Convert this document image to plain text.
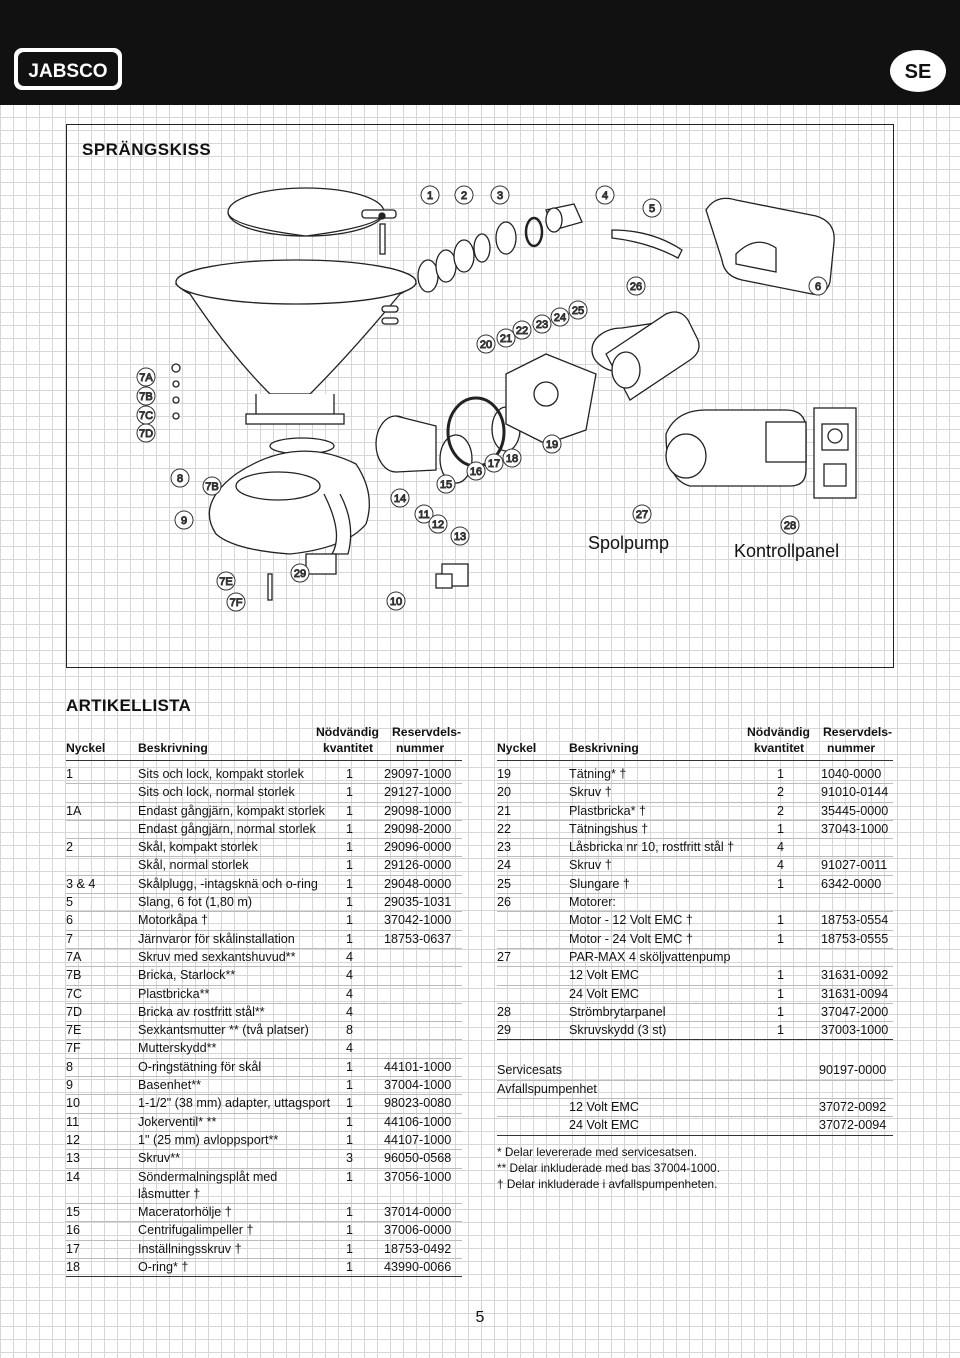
JABSCO	SE
SPRÄNGSKISS
1	2	3	4
5
6
26
7A
7B
7C
7D
8
7B
9
7E
7F
29
10
14
15
11
12
13
16
17 18
19
20 21
22 23
24
25
27
28
Spolpump	Kontrollpanel
ARTIKELLISTA
Nyckel	Beskrivning
Nödvändig
kvantitet
Reservdels-
nummer
1	Sits och lock, kompakt storlek	1 29097-1000
Sits och lock, normal storlek	1 29127-1000
1A	Endast gångjärn, kompakt storlek 1 29098-1000
Endast gångjärn, normal storlek 1 29098-2000
2	Skål, kompakt storlek	1 29096-0000
Skål, normal storlek	1 29126-0000
3 & 4	Skålplugg, -intagsknä och o-ring 1 29048-0000
5	Slang, 6 fot (1,80 m)	1 29035-1031
6	Motorkåpa †	1 37042-1000
7	Järnvaror för skålinstallation	1 18753-0637
7A	Skruv med sexkantshuvud**	4
7B	Bricka, Starlock**	4
7C	Plastbricka**	4
7D	Bricka av rostfritt stål**	4
7E	Sexkantsmutter ** (två platser)	8
7F	Mutterskydd**	4
8	O-ringstätning för skål	1 44101-1000
9	Basenhet**	1 37004-1000
10	1-1/2" (38 mm) adapter, uttagsport 1 98023-0080
11	Jokerventil* **	1 44106-1000
12	1" (25 mm) avloppsport**	1 44107-1000
13	Skruv**	3 96050-0568
14	Söndermalningsplåt med	1 37056-1000
låsmutter †
15	Maceratorhölje †	1 37014-0000
16	Centrifugalimpeller †	1 37006-0000
17	Inställningsskruv †	1 18753-0492
18	O-ring* †	1 43990-0066
Nyckel	Beskrivning
Nödvändig
kvantitet
Reservdels-
nummer
19	Tätning* †	1	1040-0000
20	Skruv †	2	91010-0144
21	Plastbricka* †	2	35445-0000
22	Tätningshus †	1	37043-1000
23	Låsbricka nr 10, rostfritt stål †	4
24	Skruv †	4	91027-0011
25	Slungare †	1	6342-0000
26	Motorer:
Motor - 12 Volt EMC †	1	18753-0554
Motor - 24 Volt EMC †	1	18753-0555
27	PAR-MAX 4 sköljvattenpump
12 Volt EMC	1	31631-0092
24 Volt EMC	1	31631-0094
28	Strömbrytarpanel	1	37047-2000
29	Skruvskydd (3 st)	1	37003-1000
Servicesats	90197-0000
Avfallspumpenhet
12 Volt EMC	37072-0092
24 Volt EMC	37072-0094
* Delar levererade med servicesatsen.
** Delar inkluderade med bas 37004-1000.
† Delar inkluderade i avfallspumpenheten.
5
